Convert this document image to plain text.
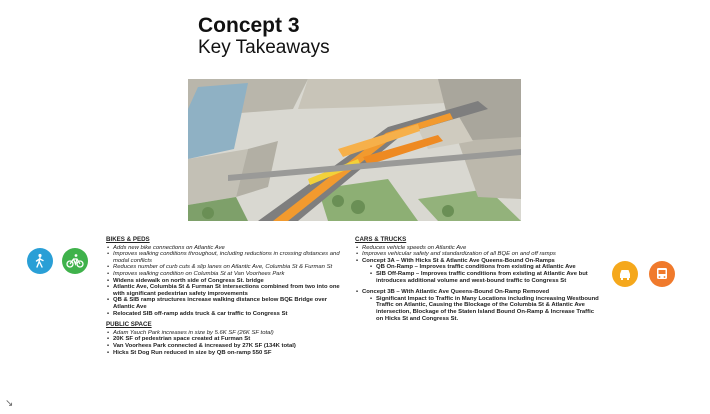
Concept 3
Key Takeaways
BIKES & PEDS
• Adds new bike connections on Atlantic Ave
• Improves walking conditions throughout, including reductions in crossing distances and modal conflicts
• Reduces number of curb cuts & slip lanes on Atlantic Ave, Columbia St & Furman St
• Improves walking condition on Columbia St at Van Voorhees Park
• Widens sidewalk on north side of Congress St. bridge
• Atlantic Ave, Columbia St & Furman St intersections combined from two into one with significant pedestrian safety improvements
• QB & SIB ramp structures increase walking distance below BQE Bridge over Atlantic Ave
• Relocated SIB off-ramp adds truck & car traffic to Congress St
PUBLIC SPACE
• Adam Yauch Park increases in size by 5.6K SF (26K SF total)
• 20K SF of pedestrian space created at Furman St
• Van Voorhees Park connected & increased by 27K SF (134K total)
• Hicks St Dog Run reduced in size by QB on-ramp 550 SF
CARS & TRUCKS
• Reduces vehicle speeds on Atlantic Ave
• Improves vehicular safety and standardization of all BQE on and off ramps
• Concept 3A – With Hicks St & Atlantic Ave Queens-Bound On-Ramps
• QB On-Ramp – Improves traffic conditions from existing at Atlantic Ave
• SIB Off-Ramp – Improves traffic conditions from existing at Atlantic Ave but introduces additional volume and west-bound traffic to Congress St
• Concept 3B – With Atlantic Ave Queens-Bound On-Ramp Removed
• Significant Impact to Traffic in Many Locations including increasing Westbound Traffic on Atlantic, Causing the Blockage of the Columbia St & Atlantic Ave intersection, Blockage of the Staten Island Bound On-Ramp & Increase Traffic on Hicks St and Congress St.
↘
